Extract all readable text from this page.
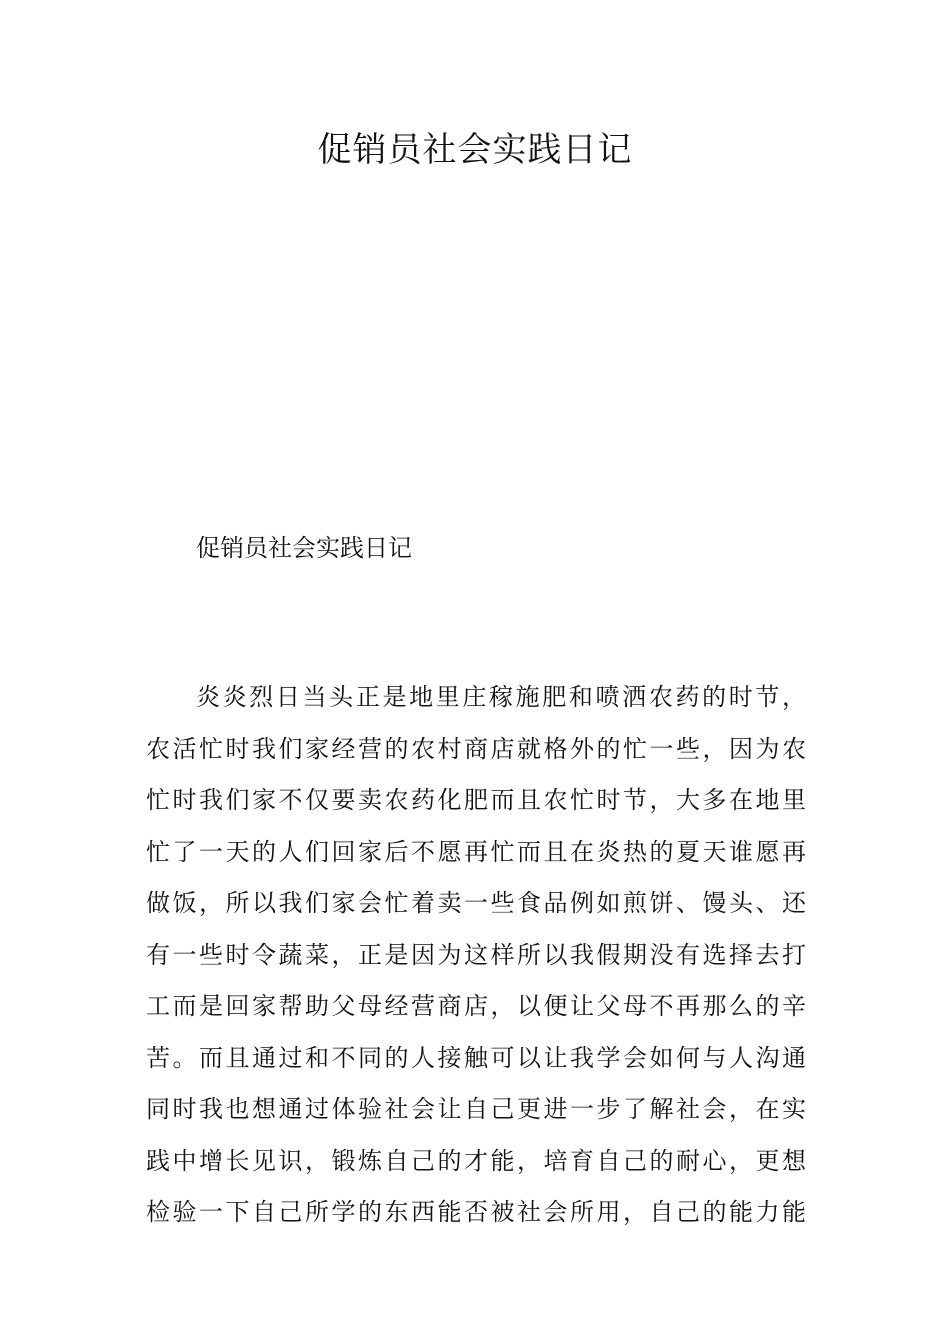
促销员社会实践日记

促销员社会实践日记

炎炎烈日当头正是地里庄稼施肥和喷洒农药的时节，
农活忙时我们家经营的农村商店就格外的忙一些，因为农
忙时我们家不仅要卖农药化肥而且农忙时节，大多在地里
忙了一天的人们回家后不愿再忙而且在炎热的夏天谁愿再
做饭，所以我们家会忙着卖一些食品例如煎饼、馒头、还
有一些时令蔬菜，正是因为这样所以我假期没有选择去打
工而是回家帮助父母经营商店，以便让父母不再那么的辛
苦。而且通过和不同的人接触可以让我学会如何与人沟通
同时我也想通过体验社会让自己更进一步了解社会，在实
践中增长见识，锻炼自己的才能，培育自己的耐心，更想
检验一下自己所学的东西能否被社会所用，自己的能力能
